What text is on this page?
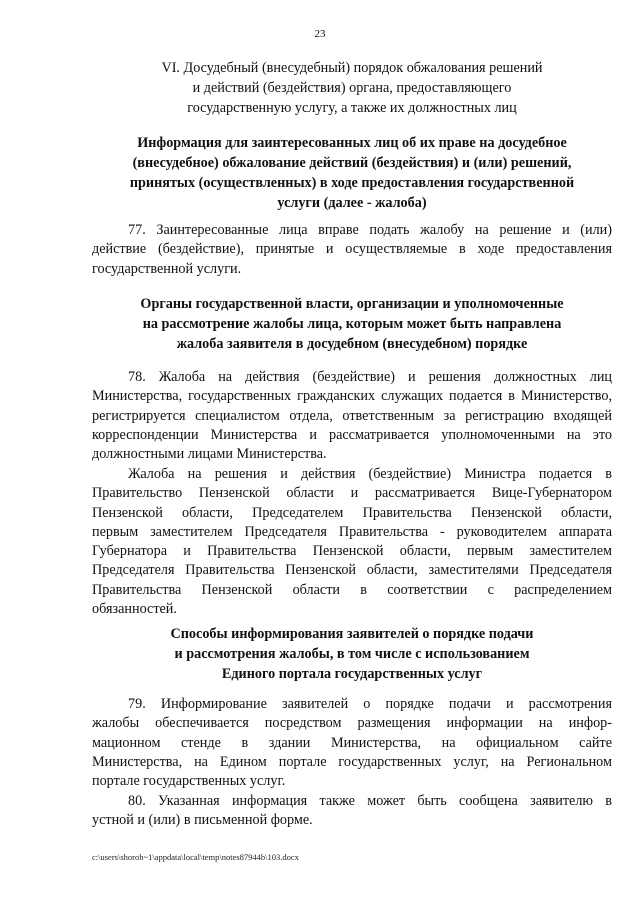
23
VI. Досудебный (внесудебный) порядок обжалования решений
и действий (бездействия) органа, предоставляющего
государственную услугу, а также их должностных лиц
Информация для заинтересованных лиц об их праве на досудебное
(внесудебное) обжалование действий (бездействия) и (или) решений,
принятых (осуществленных) в ходе предоставления государственной
услуги (далее - жалоба)
77. Заинтересованные лица вправе подать жалобу на решение и (или)
действие (бездействие), принятые и осуществляемые в ходе предоставления
государственной услуги.
Органы государственной власти, организации и уполномоченные
на рассмотрение жалобы лица, которым может быть направлена
жалоба заявителя в досудебном (внесудебном) порядке
78. Жалоба на действия (бездействие) и решения должностных лиц
Министерства, государственных гражданских служащих подается в Министерство,
регистрируется специалистом отдела, ответственным за регистрацию входящей
корреспонденции Министерства и рассматривается уполномоченными на это
должностными лицами Министерства.
Жалоба на решения и действия (бездействие) Министра подается в
Правительство Пензенской области и рассматривается Вице-Губернатором
Пензенской области, Председателем Правительства Пензенской области,
первым заместителем Председателя Правительства - руководителем аппарата
Губернатора и Правительства Пензенской области, первым заместителем
Председателя Правительства Пензенской области, заместителями Председателя
Правительства Пензенской области в соответствии с распределением
обязанностей.
Способы информирования заявителей о порядке подачи
и рассмотрения жалобы, в том числе с использованием
Единого портала государственных услуг
79. Информирование заявителей о порядке подачи и рассмотрения
жалобы обеспечивается посредством размещения информации на инфор-
мационном стенде в здании Министерства, на официальном сайте
Министерства, на Едином портале государственных услуг, на Региональном
портале государственных услуг.
80. Указанная информация также может быть сообщена заявителю в
устной и (или) в письменной форме.
c:\users\shoroh~1\appdata\local\temp\notes87944b\103.docx
